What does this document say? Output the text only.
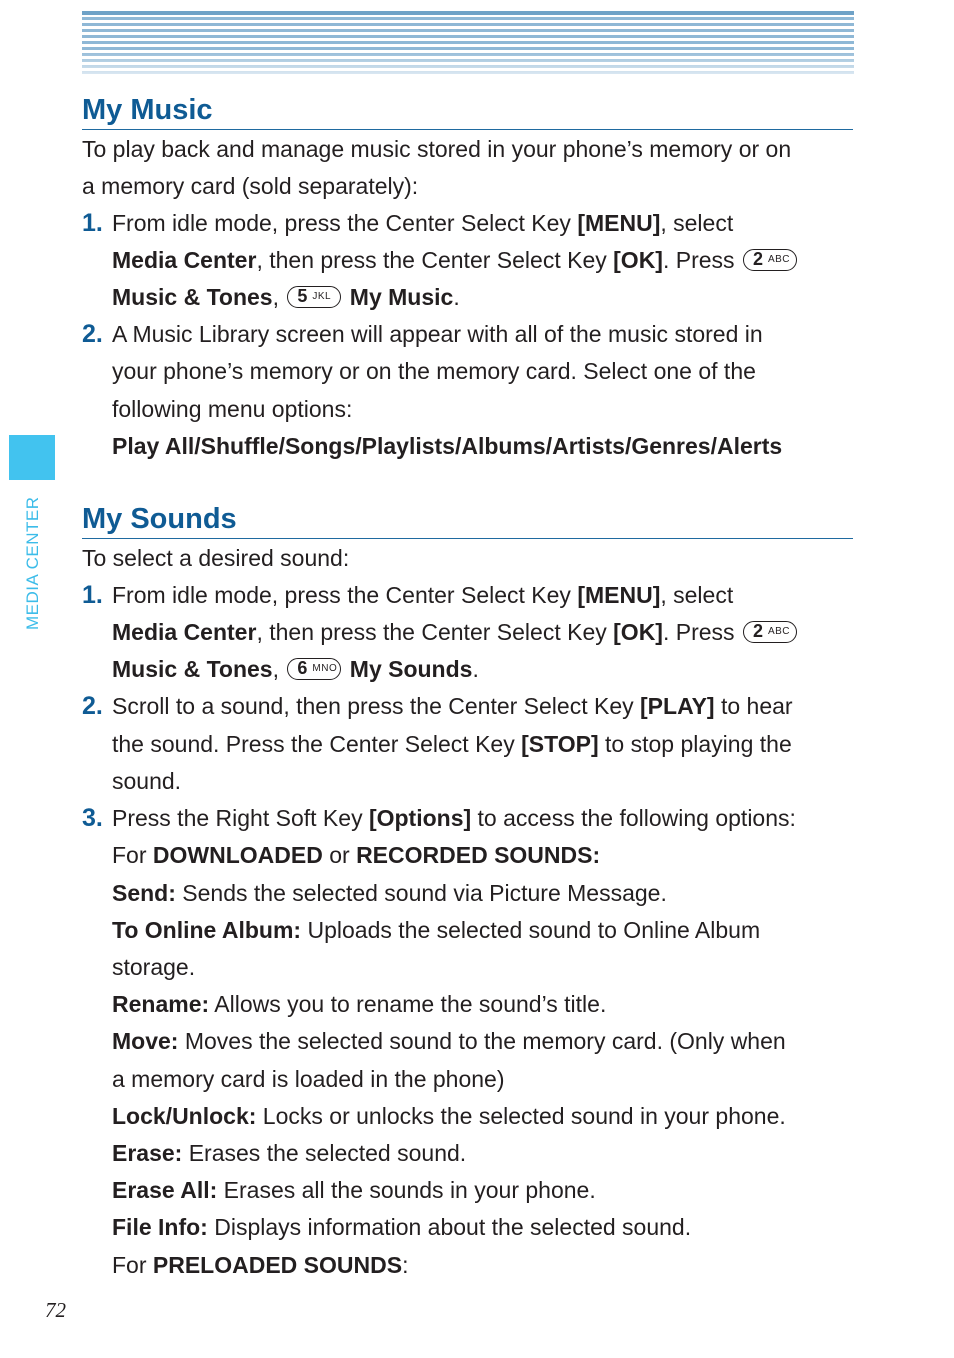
MEDIA CENTER
My Music
To play back and manage music stored in your phone’s memory or on
a memory card (sold separately):
1. From idle mode, press the Center Select Key [MENU], select
Media Center, then press the Center Select Key [OK]. Press 2 ABC
Music & Tones, 5 JKL My Music.
2. A Music Library screen will appear with all of the music stored in
your phone’s memory or on the memory card. Select one of the
following menu options:
Play All/Shuffle/Songs/Playlists/Albums/Artists/Genres/Alerts
My Sounds
To select a desired sound:
1. From idle mode, press the Center Select Key [MENU], select
Media Center, then press the Center Select Key [OK]. Press 2 ABC
Music & Tones, 6 MNO My Sounds.
2. Scroll to a sound, then press the Center Select Key [PLAY] to hear
the sound. Press the Center Select Key [STOP] to stop playing the
sound.
3. Press the Right Soft Key [Options] to access the following options:
For DOWNLOADED or RECORDED SOUNDS:
Send: Sends the selected sound via Picture Message.
To Online Album: Uploads the selected sound to Online Album
storage.
Rename: Allows you to rename the sound’s title.
Move: Moves the selected sound to the memory card. (Only when
a memory card is loaded in the phone)
Lock/Unlock: Locks or unlocks the selected sound in your phone.
Erase: Erases the selected sound.
Erase All: Erases all the sounds in your phone.
File Info: Displays information about the selected sound.
For PRELOADED SOUNDS:
72
